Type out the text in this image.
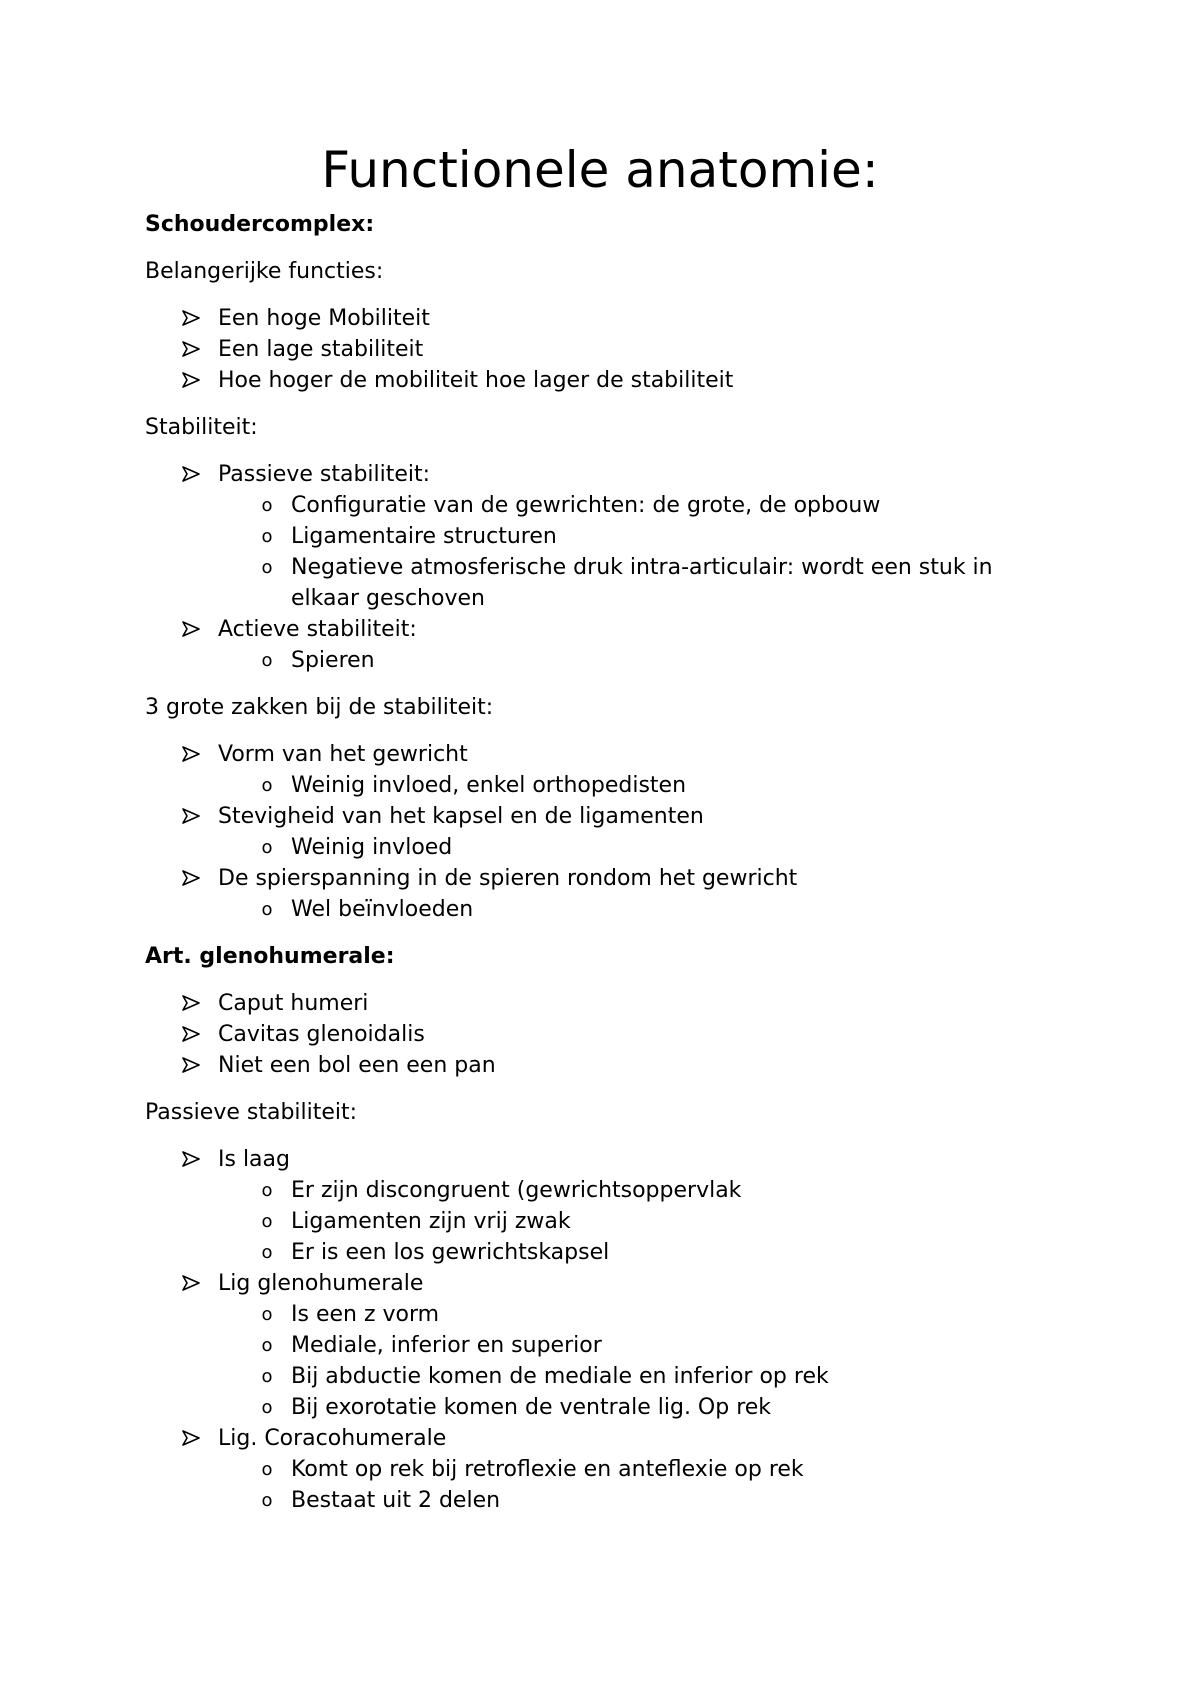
Functionele anatomie:
Schoudercomplex:
Belangerijke functies:
Een hoge Mobiliteit
Een lage stabiliteit
Hoe hoger de mobiliteit hoe lager de stabiliteit
Stabiliteit:
Passieve stabiliteit:
o Configuratie van de gewrichten: de grote, de opbouw
o Ligamentaire structuren
o Negatieve atmosferische druk intra-articulair: wordt een stuk in elkaar geschoven
Actieve stabiliteit:
o Spieren
3 grote zakken bij de stabiliteit:
Vorm van het gewricht
o Weinig invloed, enkel orthopedisten
Stevigheid van het kapsel en de ligamenten
o Weinig invloed
De spierspanning in de spieren rondom het gewricht
o Wel beïnvloeden
Art. glenohumerale:
Caput humeri
Cavitas glenoidalis
Niet een bol een een pan
Passieve stabiliteit:
Is laag
o Er zijn discongruent (gewrichtsoppervlak
o Ligamenten zijn vrij zwak
o Er is een los gewrichtskapsel
Lig glenohumerale
o Is een z vorm
o Mediale, inferior en superior
o Bij abductie komen de mediale en inferior op rek
o Bij exorotatie komen de ventrale lig. Op rek
Lig. Coracohumerale
o Komt op rek bij retroflexie en anteflexie op rek
o Bestaat uit 2 delen
